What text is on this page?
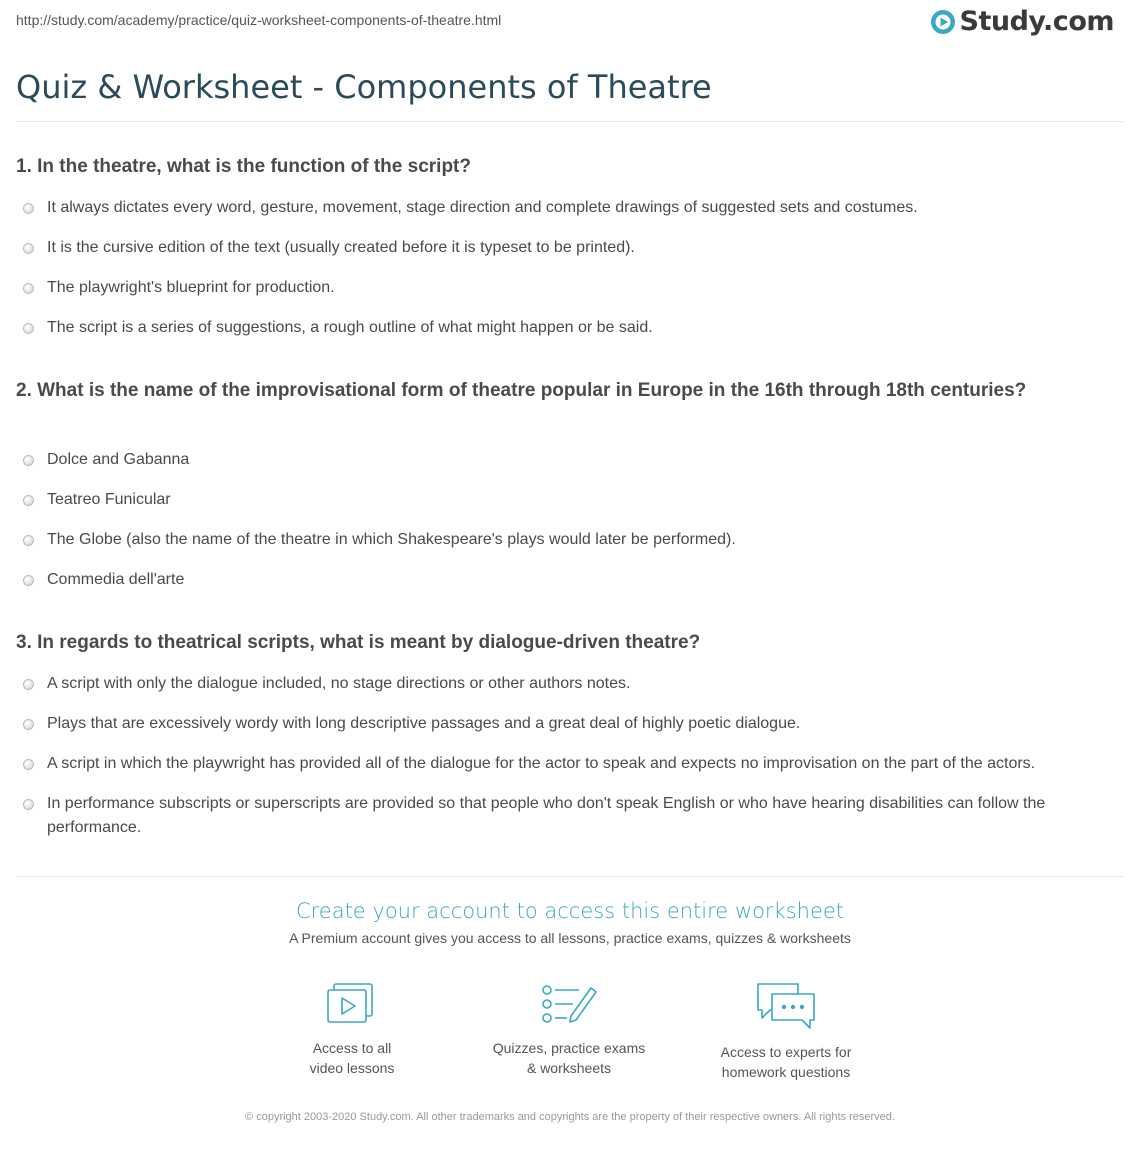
http://study.com/academy/practice/quiz-worksheet-components-of-theatre.html	Study.com
Quiz & Worksheet - Components of Theatre
1. In the theatre, what is the function of the script?
It always dictates every word, gesture, movement, stage direction and complete drawings of suggested sets and costumes.
It is the cursive edition of the text (usually created before it is typeset to be printed).
The playwright's blueprint for production.
The script is a series of suggestions, a rough outline of what might happen or be said.
2. What is the name of the improvisational form of theatre popular in Europe in the 16th through 18th centuries?
Dolce and Gabanna
Teatreo Funicular
The Globe (also the name of the theatre in which Shakespeare's plays would later be performed).
Commedia dell'arte
3. In regards to theatrical scripts, what is meant by dialogue-driven theatre?
A script with only the dialogue included, no stage directions or other authors notes.
Plays that are excessively wordy with long descriptive passages and a great deal of highly poetic dialogue.
A script in which the playwright has provided all of the dialogue for the actor to speak and expects no improvisation on the part of the actors.
In performance subscripts or superscripts are provided so that people who don't speak English or who have hearing disabilities can follow the performance.
Create your account to access this entire worksheet
A Premium account gives you access to all lessons, practice exams, quizzes & worksheets
Access to all
video lessons
Quizzes, practice exams
& worksheets
Access to experts for
homework questions
© copyright 2003-2020 Study.com. All other trademarks and copyrights are the property of their respective owners. All rights reserved.
